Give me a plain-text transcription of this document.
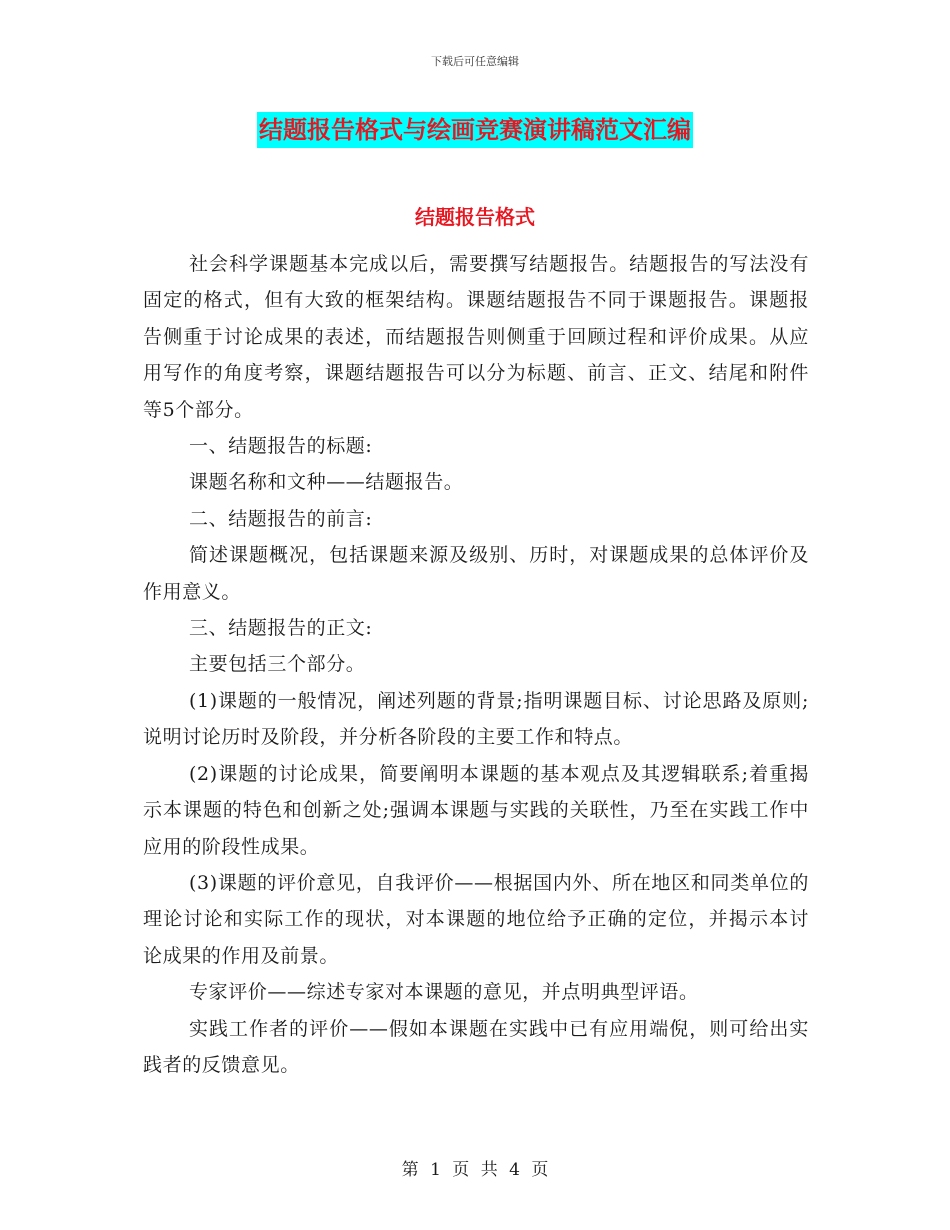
下载后可任意编辑
结题报告格式与绘画竞赛演讲稿范文汇编
结题报告格式

社会科学课题基本完成以后，需要撰写结题报告。结题报告的写法没有固定的格式，但有大致的框架结构。课题结题报告不同于课题报告。课题报告侧重于讨论成果的表述，而结题报告则侧重于回顾过程和评价成果。从应用写作的角度考察，课题结题报告可以分为标题、前言、正文、结尾和附件等5个部分。

一、结题报告的标题:

课题名称和文种——结题报告。

二、结题报告的前言:

简述课题概况，包括课题来源及级别、历时，对课题成果的总体评价及作用意义。

三、结题报告的正文:

主要包括三个部分。

(1)课题的一般情况，阐述列题的背景;指明课题目标、讨论思路及原则;说明讨论历时及阶段，并分析各阶段的主要工作和特点。

(2)课题的讨论成果，简要阐明本课题的基本观点及其逻辑联系;着重揭示本课题的特色和创新之处;强调本课题与实践的关联性，乃至在实践工作中应用的阶段性成果。

(3)课题的评价意见，自我评价——根据国内外、所在地区和同类单位的理论讨论和实际工作的现状，对本课题的地位给予正确的定位，并揭示本讨论成果的作用及前景。

专家评价——综述专家对本课题的意见，并点明典型评语。

实践工作者的评价——假如本课题在实践中已有应用端倪，则可给出实践者的反馈意见。

第 1 页 共 4 页
